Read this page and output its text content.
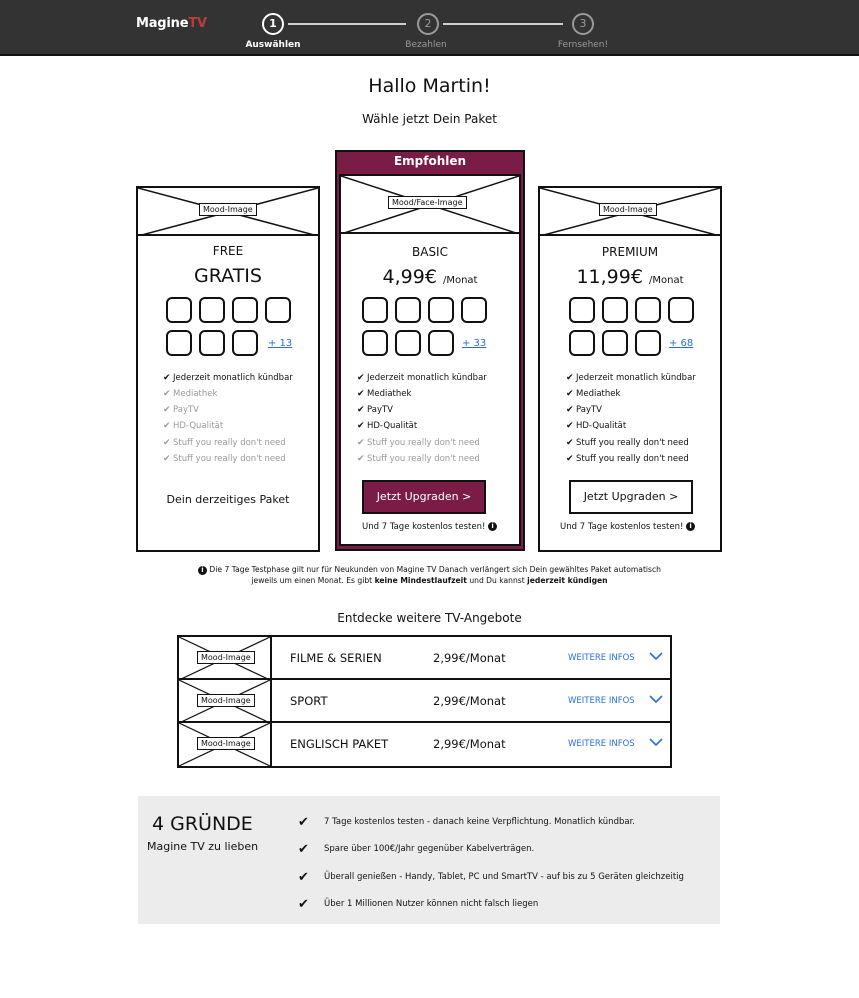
MagineTV	1	2	3
Auswählen	Bezahlen	Fernsehen!
Hallo Martin!
Wähle jetzt Dein Paket
Mood-Image
FREE
GRATIS
+ 13
✔ Jederzeit monatlich kündbar
✔ Mediathek
✔ PayTV
✔ HD-Qualität
✔ Stuff you really don't need
✔ Stuff you really don't need
Dein derzeitiges Paket
Empfohlen
Mood/Face-Image
BASIC
4,99€ /Monat
+ 33
✔ Jederzeit monatlich kündbar
✔ Mediathek
✔ PayTV
✔ HD-Qualität
✔ Stuff you really don't need
✔ Stuff you really don't need
Jetzt Upgraden >
Und 7 Tage kostenlos testen! i
Mood-Image
PREMIUM
11,99€ /Monat
+ 68
✔ Jederzeit monatlich kündbar
✔ Mediathek
✔ PayTV
✔ HD-Qualität
✔ Stuff you really don't need
✔ Stuff you really don't need
Jetzt Upgraden >
Und 7 Tage kostenlos testen! i
i Die 7 Tage Testphase gilt nur für Neukunden von Magine TV Danach verlängert sich Dein gewähltes Paket automatisch
jeweils um einen Monat. Es gibt keine Mindestlaufzeit und Du kannst jederzeit kündigen
Entdecke weitere TV-Angebote
Mood-Image	FILME & SERIEN	2,99€/Monat	WEITERE INFOS
Mood-Image	SPORT	2,99€/Monat	WEITERE INFOS
Mood-Image	ENGLISCH PAKET	2,99€/Monat	WEITERE INFOS
4 GRÜNDE
Magine TV zu lieben
✔ 7 Tage kostenlos testen - danach keine Verpflichtung. Monatlich kündbar.
✔ Spare über 100€/Jahr gegenüber Kabelverträgen.
✔ Überall genießen - Handy, Tablet, PC und SmartTV - auf bis zu 5 Geräten gleichzeitig
✔ Über 1 Millionen Nutzer können nicht falsch liegen
